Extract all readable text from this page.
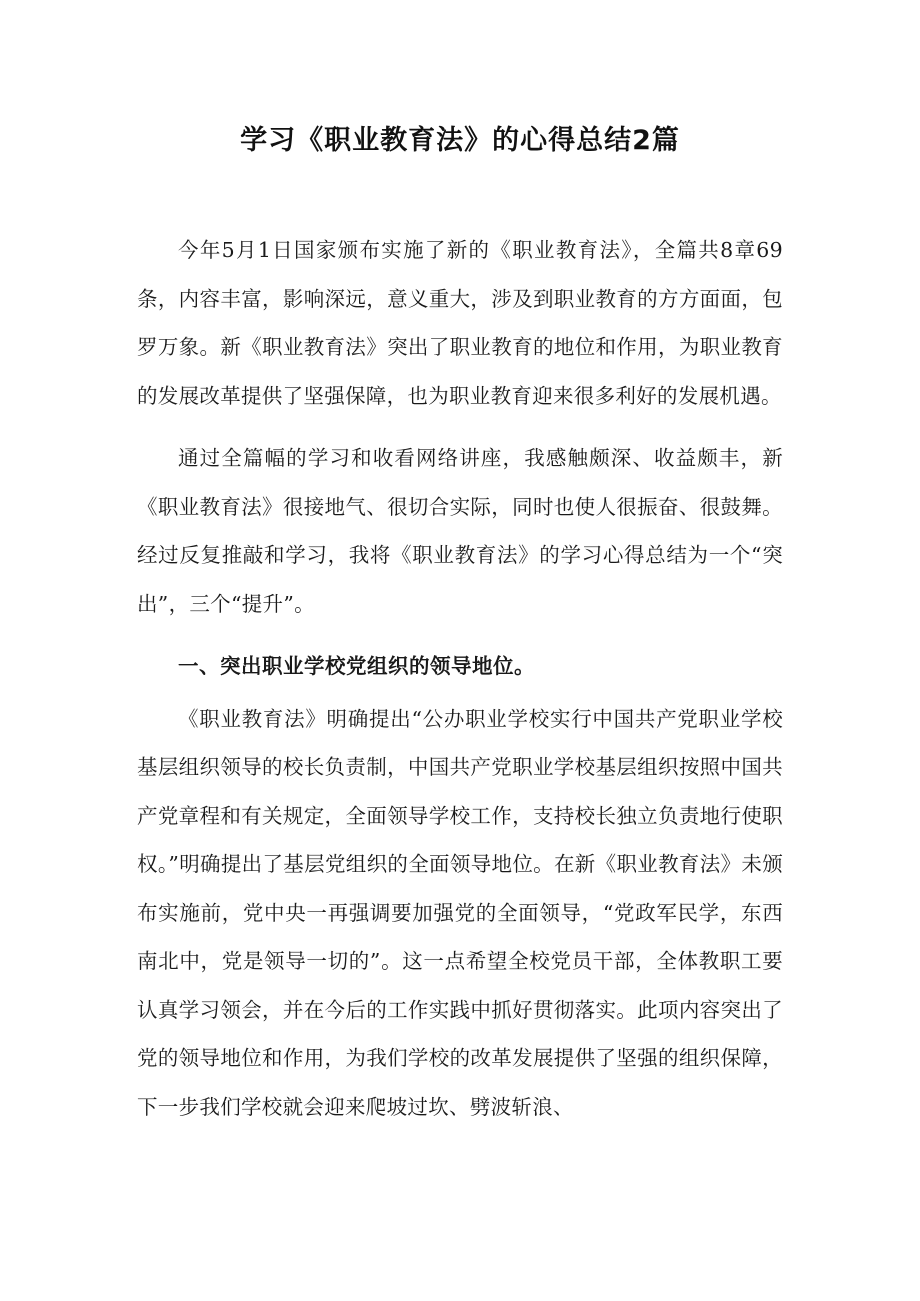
学习《职业教育法》的心得总结2篇

今年5月1日国家颁布实施了新的《职业教育法》，全篇共8章69条，内容丰富，影响深远，意义重大，涉及到职业教育的方方面面，包罗万象。新《职业教育法》突出了职业教育的地位和作用，为职业教育的发展改革提供了坚强保障，也为职业教育迎来很多利好的发展机遇。

通过全篇幅的学习和收看网络讲座，我感触颇深、收益颇丰，新《职业教育法》很接地气、很切合实际，同时也使人很振奋、很鼓舞。经过反复推敲和学习，我将《职业教育法》的学习心得总结为一个“突出”，三个“提升”。

一、突出职业学校党组织的领导地位。

《职业教育法》明确提出“公办职业学校实行中国共产党职业学校基层组织领导的校长负责制，中国共产党职业学校基层组织按照中国共产党章程和有关规定，全面领导学校工作，支持校长独立负责地行使职权。”明确提出了基层党组织的全面领导地位。在新《职业教育法》未颁布实施前，党中央一再强调要加强党的全面领导，“党政军民学，东西南北中，党是领导一切的”。这一点希望全校党员干部，全体教职工要认真学习领会，并在今后的工作实践中抓好贯彻落实。此项内容突出了党的领导地位和作用，为我们学校的改革发展提供了坚强的组织保障，下一步我们学校就会迎来爬坡过坎、劈波斩浪、
